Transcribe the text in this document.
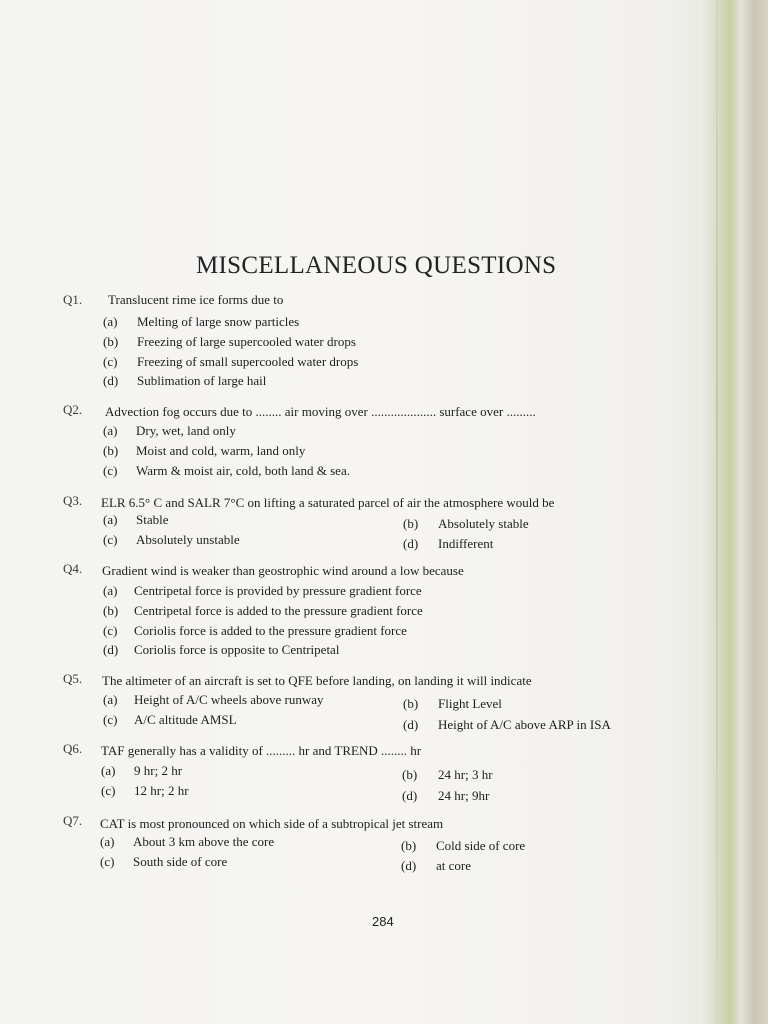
MISCELLANEOUS QUESTIONS
Q1. Translucent rime ice forms due to
(a) Melting of large snow particles
(b) Freezing of large supercooled water drops
(c) Freezing of small supercooled water drops
(d) Sublimation of large hail
Q2. Advection fog occurs due to ........ air moving over .................... surface over .........
(a) Dry, wet, land only
(b) Moist and cold, warm, land only
(c) Warm & moist air, cold, both land & sea.
Q3. ELR 6.5° C and SALR 7°C on lifting a saturated parcel of air the atmosphere would be
(a) Stable	(b) Absolutely stable
(c) Absolutely unstable	(d) Indifferent
Q4. Gradient wind is weaker than geostrophic wind around a low because
(a) Centripetal force is provided by pressure gradient force
(b) Centripetal force is added to the pressure gradient force
(c) Coriolis force is added to the pressure gradient force
(d) Coriolis force is opposite to Centripetal
Q5. The altimeter of an aircraft is set to QFE before landing, on landing it will indicate
(a) Height of A/C wheels above runway	(b) Flight Level
(c) A/C altitude AMSL	(d) Height of A/C above ARP in ISA
Q6. TAF generally has a validity of ......... hr and TREND ........ hr
(a) 9 hr; 2 hr	(b) 24 hr; 3 hr
(c) 12 hr; 2 hr	(d) 24 hr; 9hr
Q7. CAT is most pronounced on which side of a subtropical jet stream
(a) About 3 km above the core	(b) Cold side of core
(c) South side of core	(d) at core
284
